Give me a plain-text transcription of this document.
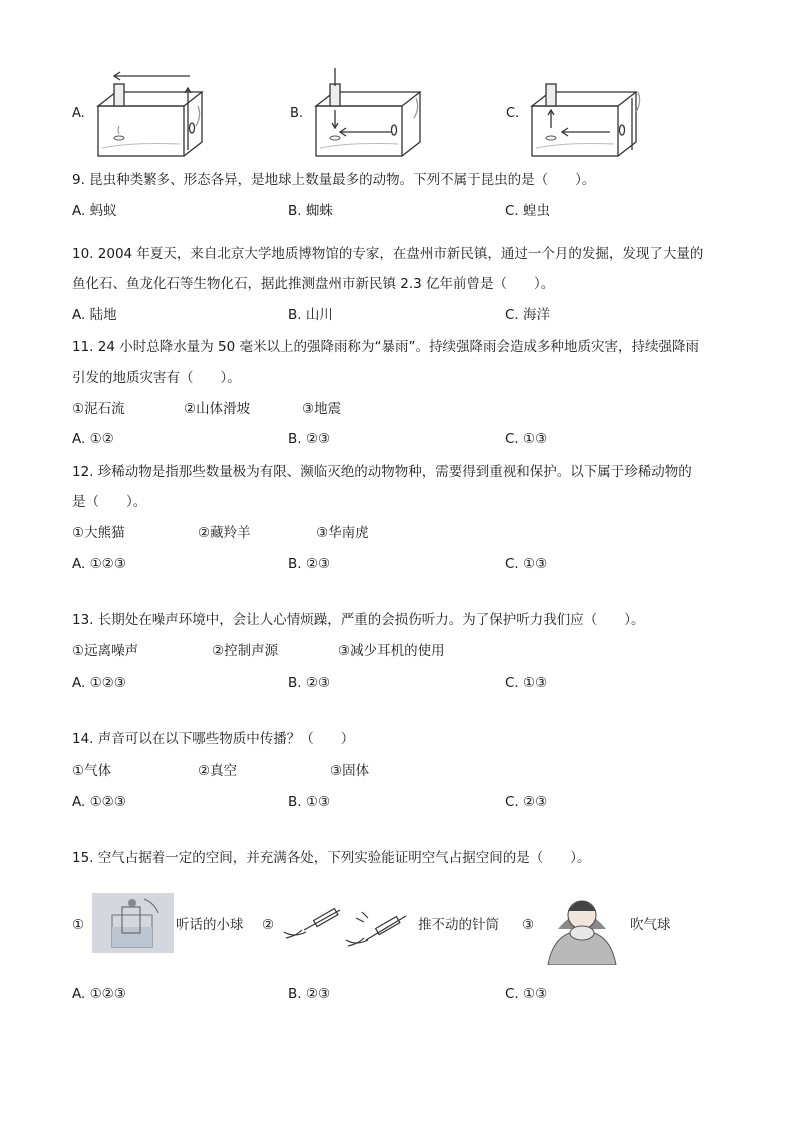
A.	B.	C.
9. 昆虫种类繁多、形态各异，是地球上数量最多的动物。下列不属于昆虫的是（　　）。
A. 蚂蚁	B. 蜘蛛	C. 蝗虫
10. 2004 年夏天，来自北京大学地质博物馆的专家，在盘州市新民镇，通过一个月的发掘，发现了大量的
鱼化石、鱼龙化石等生物化石，据此推测盘州市新民镇 2.3 亿年前曾是（　　）。
A. 陆地	B. 山川	C. 海洋
11. 24 小时总降水量为 50 毫米以上的强降雨称为“暴雨”。持续强降雨会造成多种地质灾害，持续强降雨
引发的地质灾害有（　　）。
①泥石流	②山体滑坡	③地震
A. ①②	B. ②③	C. ①③
12. 珍稀动物是指那些数量极为有限、濒临灭绝的动物物种，需要得到重视和保护。以下属于珍稀动物的
是（　　）。
①大熊猫	②藏羚羊	③华南虎
A. ①②③	B. ②③	C. ①③
13. 长期处在噪声环境中，会让人心情烦躁，严重的会损伤听力。为了保护听力我们应（　　）。
①远离噪声	②控制声源	③减少耳机的使用
A. ①②③	B. ②③	C. ①③
14. 声音可以在以下哪些物质中传播？（　　）
①气体	②真空	③固体
A. ①②③	B. ①③	C. ②③
15. 空气占据着一定的空间，并充满各处，下列实验能证明空气占据空间的是（　　）。
①	听话的小球 ②	推不动的针筒 ③	吹气球
A. ①②③	B. ②③	C. ①③
